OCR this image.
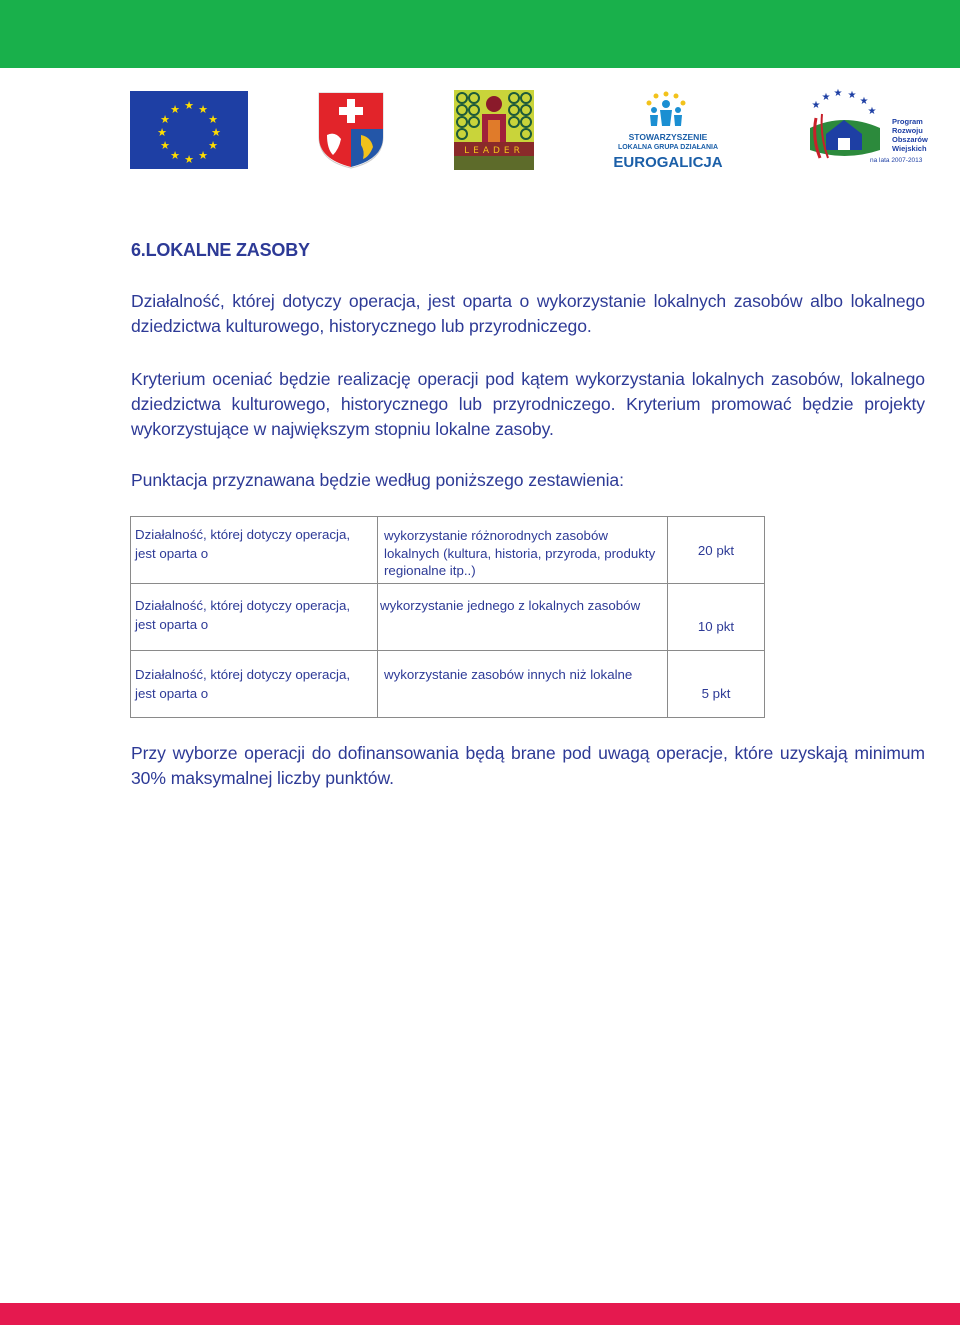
★ ★
★
★
★
★
★
★
★
★
★
★
LEADER
STOWARZYSZENIE
LOKALNA GRUPA DZIAŁANIA
EUROGALICJA
★
★ ★ ★
★
★
Program
Rozwoju
Obszarów
Wiejskich
na lata 2007-2013
6.LOKALNE ZASOBY
Działalność, której dotyczy operacja, jest oparta o wykorzystanie lokalnych zasobów albo lokalnego dziedzictwa kulturowego, historycznego lub przyrodniczego.
Kryterium oceniać będzie realizację operacji pod kątem wykorzystania lokalnych zasobów, lokalnego dziedzictwa kulturowego, historycznego lub przyrodniczego. Kryterium promować będzie projekty wykorzystujące w największym stopniu lokalne zasoby.
Punktacja przyznawana będzie według poniższego zestawienia:
Działalność, której dotyczy operacja, jest oparta o	wykorzystanie różnorodnych zasobów lokalnych (kultura, historia, przyroda, produkty regionalne itp..)	20 pkt

Działalność, której dotyczy operacja, jest oparta o	wykorzystanie jednego z lokalnych zasobów	10 pkt

Działalność, której dotyczy operacja, jest oparta o	wykorzystanie zasobów innych niż lokalne	5 pkt
Przy wyborze operacji do dofinansowania będą brane pod uwagą operacje, które uzyskają minimum 30% maksymalnej liczby punktów.
